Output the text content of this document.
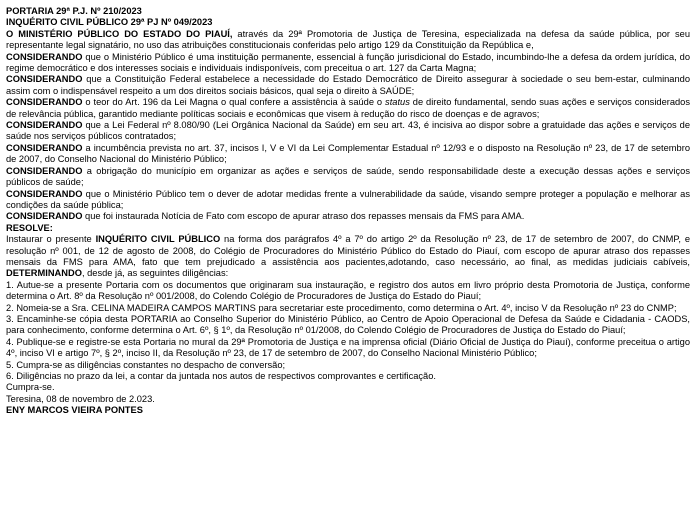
PORTARIA 29ª P.J. Nº 210/2023

INQUÉRITO CIVIL PÚBLICO 29ª PJ Nº 049/2023

O MINISTÉRIO PÚBLICO DO ESTADO DO PIAUÍ, através da 29ª Promotoria de Justiça de Teresina, especializada na defesa da saúde pública, por seu representante legal signatário, no uso das atribuições constitucionais conferidas pelo artigo 129 da Constituição da República e,

CONSIDERANDO que o Ministério Público é uma instituição permanente, essencial à função jurisdicional do Estado, incumbindo-lhe a defesa da ordem jurídica, do regime democrático e dos interesses sociais e individuais indisponíveis, com preceitua o art. 127 da Carta Magna;

CONSIDERANDO que a Constituição Federal estabelece a necessidade do Estado Democrático de Direito assegurar à sociedade o seu bem-estar, culminando assim com o indispensável respeito a um dos direitos sociais básicos, qual seja o direito à SAÚDE;

CONSIDERANDO o teor do Art. 196 da Lei Magna o qual confere a assistência à saúde o status de direito fundamental, sendo suas ações e serviços considerados de relevância pública, garantido mediante políticas sociais e econômicas que visem à redução do risco de doenças e de agravos;

CONSIDERANDO que a Lei Federal nº 8.080/90 (Lei Orgânica Nacional da Saúde) em seu art. 43, é incisiva ao dispor sobre a gratuidade das ações e serviços de saúde nos serviços públicos contratados;

CONSIDERANDO a incumbência prevista no art. 37, incisos I, V e VI da Lei Complementar Estadual nº 12/93 e o disposto na Resolução nº 23, de 17 de setembro de 2007, do Conselho Nacional do Ministério Público;

CONSIDERANDO a obrigação do município em organizar as ações e serviços de saúde, sendo responsabilidade deste a execução dessas ações e serviços públicos de saúde;

CONSIDERANDO que o Ministério Público tem o dever de adotar medidas frente a vulnerabilidade da saúde, visando sempre proteger a população e melhorar as condições da saúde pública;

CONSIDERANDO que foi instaurada Notícia de Fato com escopo de apurar atraso dos repasses mensais da FMS para AMA.

RESOLVE:

Instaurar o presente INQUÉRITO CIVIL PÚBLICO na forma dos parágrafos 4º a 7º do artigo 2º da Resolução nº 23, de 17 de setembro de 2007, do CNMP, e resolução nº 001, de 12 de agosto de 2008, do Colégio de Procuradores do Ministério Público do Estado do Piauí, com escopo de apurar atraso dos repasses mensais da FMS para AMA, fato que tem prejudicado a assistência aos pacientes,adotando, caso necessário, ao final, as medidas judiciais cabíveis, DETERMINANDO, desde já, as seguintes diligências:

1. Autue-se a presente Portaria com os documentos que originaram sua instauração, e registro dos autos em livro próprio desta Promotoria de Justiça, conforme determina o Art. 8º da Resolução nº 001/2008, do Colendo Colégio de Procuradores de Justiça do Estado do Piauí;

2. Nomeia-se a Sra. CELINA MADEIRA CAMPOS MARTINS para secretariar este procedimento, como determina o Art. 4º, inciso V da Resolução nº 23 do CNMP;

3. Encaminhe-se cópia desta PORTARIA ao Conselho Superior do Ministério Público, ao Centro de Apoio Operacional de Defesa da Saúde e Cidadania - CAODS, para conhecimento, conforme determina o Art. 6º, § 1º, da Resolução nº 01/2008, do Colendo Colégio de Procuradores de Justiça do Estado do Piauí;

4. Publique-se e registre-se esta Portaria no mural da 29ª Promotoria de Justiça e na imprensa oficial (Diário Oficial de Justiça do Piauí), conforme preceitua o artigo 4º, inciso VI e artigo 7º, § 2º, inciso II, da Resolução nº 23, de 17 de setembro de 2007, do Conselho Nacional Ministério Público;

5. Cumpra-se as diligências constantes no despacho de conversão;

6. Diligências no prazo da lei, a contar da juntada nos autos de respectivos comprovantes e certificação.

Cumpra-se.

Teresina, 08 de novembro de 2.023.

ENY MARCOS VIEIRA PONTES
